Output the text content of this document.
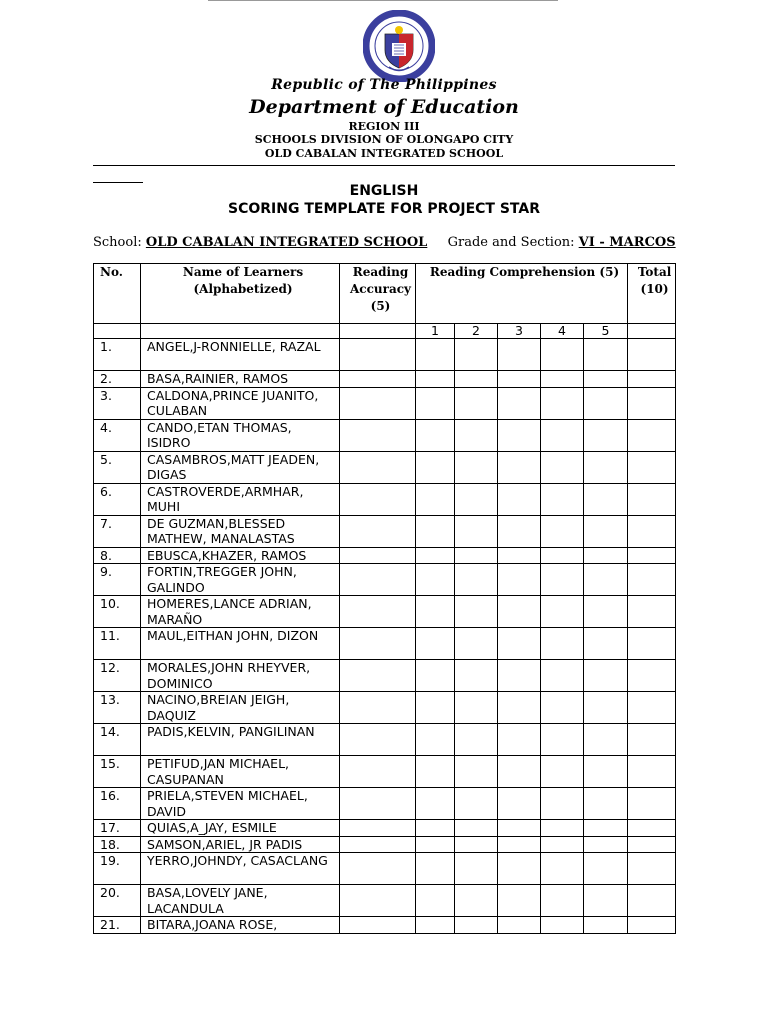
Republic of The Philippines
Department of Education
REGION III
SCHOOLS DIVISION OF OLONGAPO CITY
OLD CABALAN INTEGRATED SCHOOL
ENGLISH
SCORING TEMPLATE FOR PROJECT STAR
School: OLD CABALAN INTEGRATED SCHOOL Grade and Section: VI - MARCOS
No.	Name of Learners (Alphabetized)	Reading Accuracy (5)	Reading Comprehension (5)					Total (10)
			1	2	3	4	5	
1.	ANGEL,J-RONNIELLE, RAZAL							
2.	BASA,RAINIER, RAMOS							
3.	CALDONA,PRINCE JUANITO, CULABAN							
4.	CANDO,ETAN THOMAS, ISIDRO							
5.	CASAMBROS,MATT JEADEN, DIGAS							
6.	CASTROVERDE,ARMHAR, MUHI							
7.	DE GUZMAN,BLESSED MATHEW, MANALASTAS							
8.	EBUSCA,KHAZER, RAMOS							
9.	FORTIN,TREGGER JOHN, GALINDO							
10.	HOMERES,LANCE ADRIAN, MARAÑO							
11.	MAUL,EITHAN JOHN, DIZON							
12.	MORALES,JOHN RHEYVER, DOMINICO							
13.	NACINO,BREIAN JEIGH, DAQUIZ							
14.	PADIS,KELVIN, PANGILINAN							
15.	PETIFUD,JAN MICHAEL, CASUPANAN							
16.	PRIELA,STEVEN MICHAEL, DAVID							
17.	QUIAS,A_JAY, ESMILE							
18.	SAMSON,ARIEL, JR PADIS							
19.	YERRO,JOHNDY, CASACLANG							
20.	BASA,LOVELY JANE, LACANDULA							
21.	BITARA,JOANA ROSE,							
